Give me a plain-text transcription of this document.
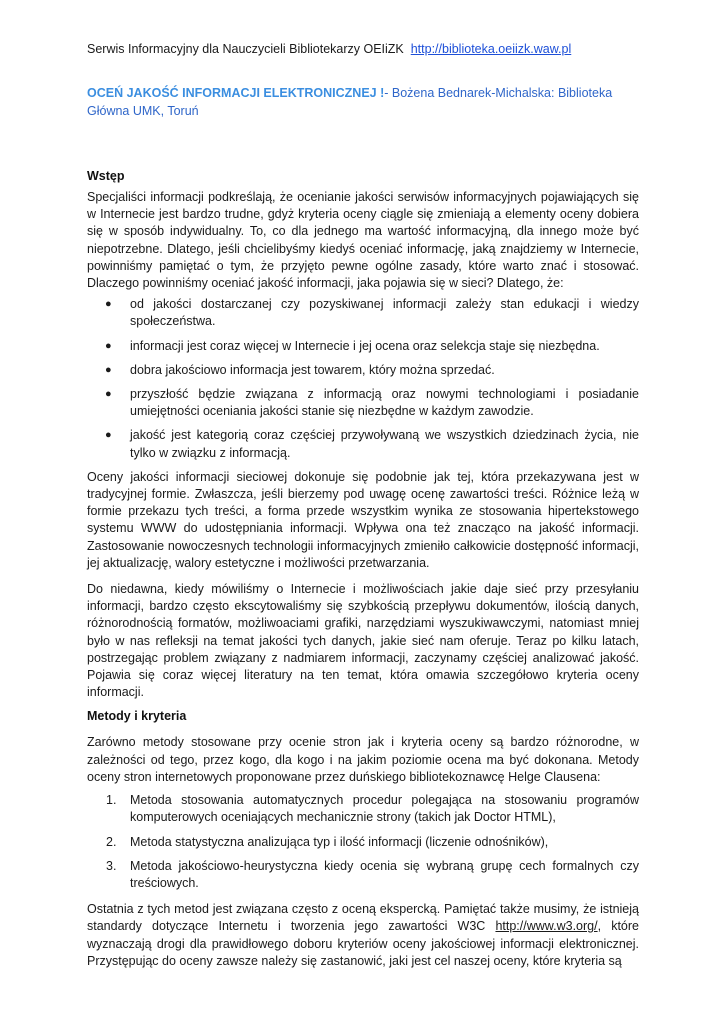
Serwis Informacyjny dla Nauczycieli Bibliotekarzy OEIiZK http://biblioteka.oeiizk.waw.pl

OCEŃ JAKOŚĆ INFORMACJI ELEKTRONICZNEJ !- Bożena Bednarek-Michalska: Biblioteka Główna UMK, Toruń
Wstęp

Specjaliści informacji podkreślają, że ocenianie jakości serwisów informacyjnych pojawiających się w Internecie jest bardzo trudne, gdyż kryteria oceny ciągle się zmieniają a elementy oceny dobiera się w sposób indywidualny. To, co dla jednego ma wartość informacyjną, dla innego może być niepotrzebne. Dlatego, jeśli chcielibyśmy kiedyś oceniać informację, jaką znajdziemy w Internecie, powinniśmy pamiętać o tym, że przyjęto pewne ogólne zasady, które warto znać i stosować. Dlaczego powinniśmy oceniać jakość informacji, jaka pojawia się w sieci? Dlatego, że:

● od jakości dostarczanej czy pozyskiwanej informacji zależy stan edukacji i wiedzy społeczeństwa.
● informacji jest coraz więcej w Internecie i jej ocena oraz selekcja staje się niezbędna.
● dobra jakościowo informacja jest towarem, który można sprzedać.
● przyszłość będzie związana z informacją oraz nowymi technologiami i posiadanie umiejętności oceniania jakości stanie się niezbędne w każdym zawodzie.
● jakość jest kategorią coraz częściej przywoływaną we wszystkich dziedzinach życia, nie tylko w związku z informacją.

Oceny jakości informacji sieciowej dokonuje się podobnie jak tej, która przekazywana jest w tradycyjnej formie. Zwłaszcza, jeśli bierzemy pod uwagę ocenę zawartości treści. Różnice leżą w formie przekazu tych treści, a forma przede wszystkim wynika ze stosowania hipertekstowego systemu WWW do udostępniania informacji. Wpływa ona też znacząco na jakość informacji. Zastosowanie nowoczesnych technologii informacyjnych zmieniło całkowicie dostępność informacji, jej aktualizację, walory estetyczne i możliwości przetwarzania.

Do niedawna, kiedy mówiliśmy o Internecie i możliwościach jakie daje sieć przy przesyłaniu informacji, bardzo często ekscytowaliśmy się szybkością przepływu dokumentów, ilością danych, różnorodnością formatów, możliwoaciami grafiki, narzędziami wyszukiwawczymi, natomiast mniej było w nas refleksji na temat jakości tych danych, jakie sieć nam oferuje. Teraz po kilku latach, postrzegając problem związany z nadmiarem informacji, zaczynamy częściej analizować jakość. Pojawia się coraz więcej literatury na ten temat, która omawia szczegółowo kryteria oceny informacji.

Metody i kryteria

Zarówno metody stosowane przy ocenie stron jak i kryteria oceny są bardzo różnorodne, w zależności od tego, przez kogo, dla kogo i na jakim poziomie ocena ma być dokonana. Metody oceny stron internetowych proponowane przez duńskiego bibliotekoznawcę Helge Clausena:

1. Metoda stosowania automatycznych procedur polegająca na stosowaniu programów komputerowych oceniających mechanicznie strony (takich jak Doctor HTML),
2. Metoda statystyczna analizująca typ i ilość informacji (liczenie odnośników),
3. Metoda jakościowo-heurystyczna kiedy ocenia się wybraną grupę cech formalnych czy treściowych.

Ostatnia z tych metod jest związana często z oceną ekspercką. Pamiętać także musimy, że istnieją standardy dotyczące Internetu i tworzenia jego zawartości W3C http://www.w3.org/, które wyznaczają drogi dla prawidłowego doboru kryteriów oceny jakościowej informacji elektronicznej. Przystępując do oceny zawsze należy się zastanowić, jaki jest cel naszej oceny, które kryteria są
